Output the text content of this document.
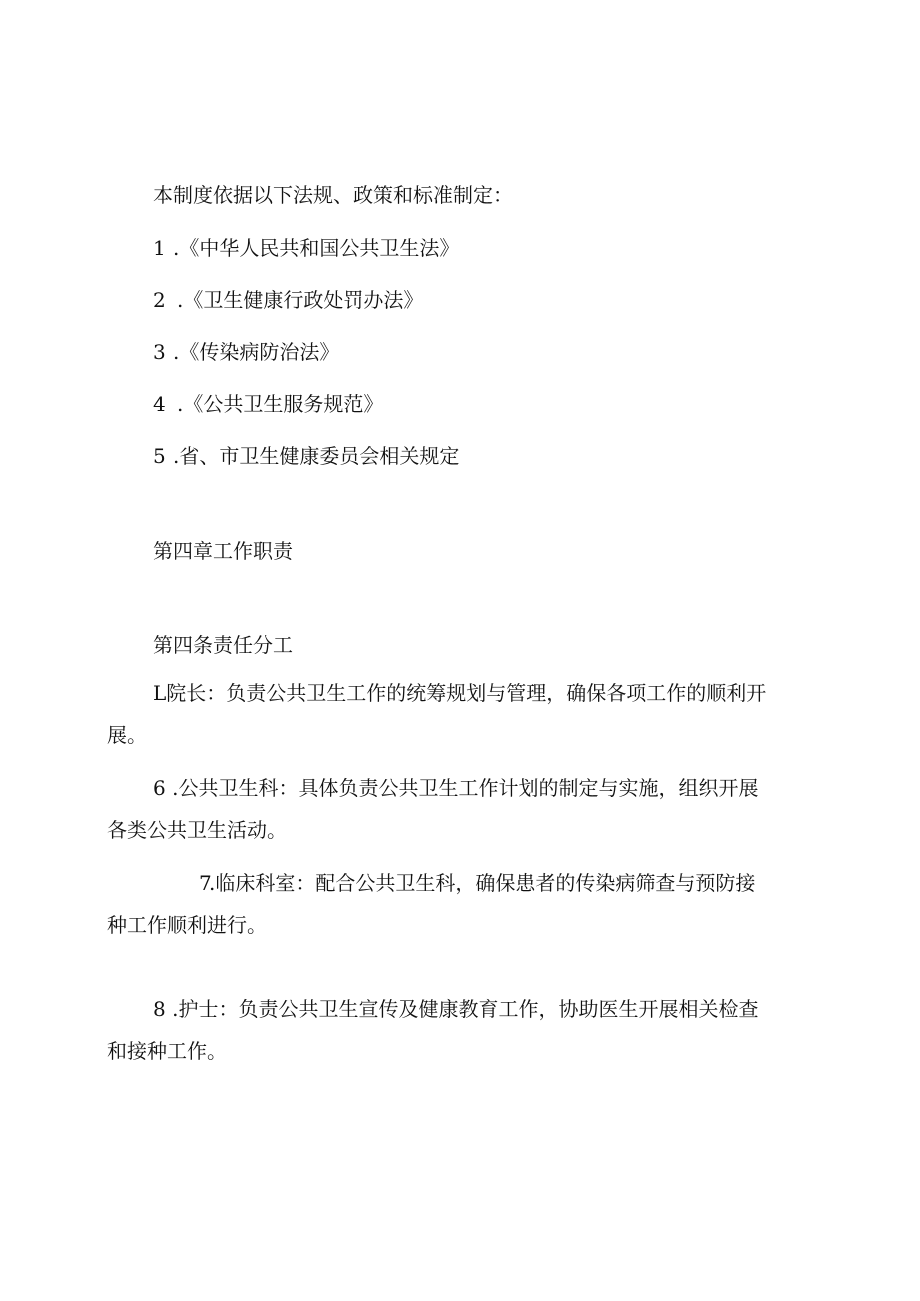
本制度依据以下法规、政策和标准制定：
1 .《中华人民共和国公共卫生法》
2 .《卫生健康行政处罚办法》
3 .《传染病防治法》
4 .《公共卫生服务规范》
5 .省、市卫生健康委员会相关规定
第四章工作职责
第四条责任分工
L院长：负责公共卫生工作的统筹规划与管理，确保各项工作的顺利开
展。
6 .公共卫生科：具体负责公共卫生工作计划的制定与实施，组织开展
各类公共卫生活动。
7.临床科室：配合公共卫生科，确保患者的传染病筛查与预防接
种工作顺利进行。
8 .护士：负责公共卫生宣传及健康教育工作，协助医生开展相关检查
和接种工作。
